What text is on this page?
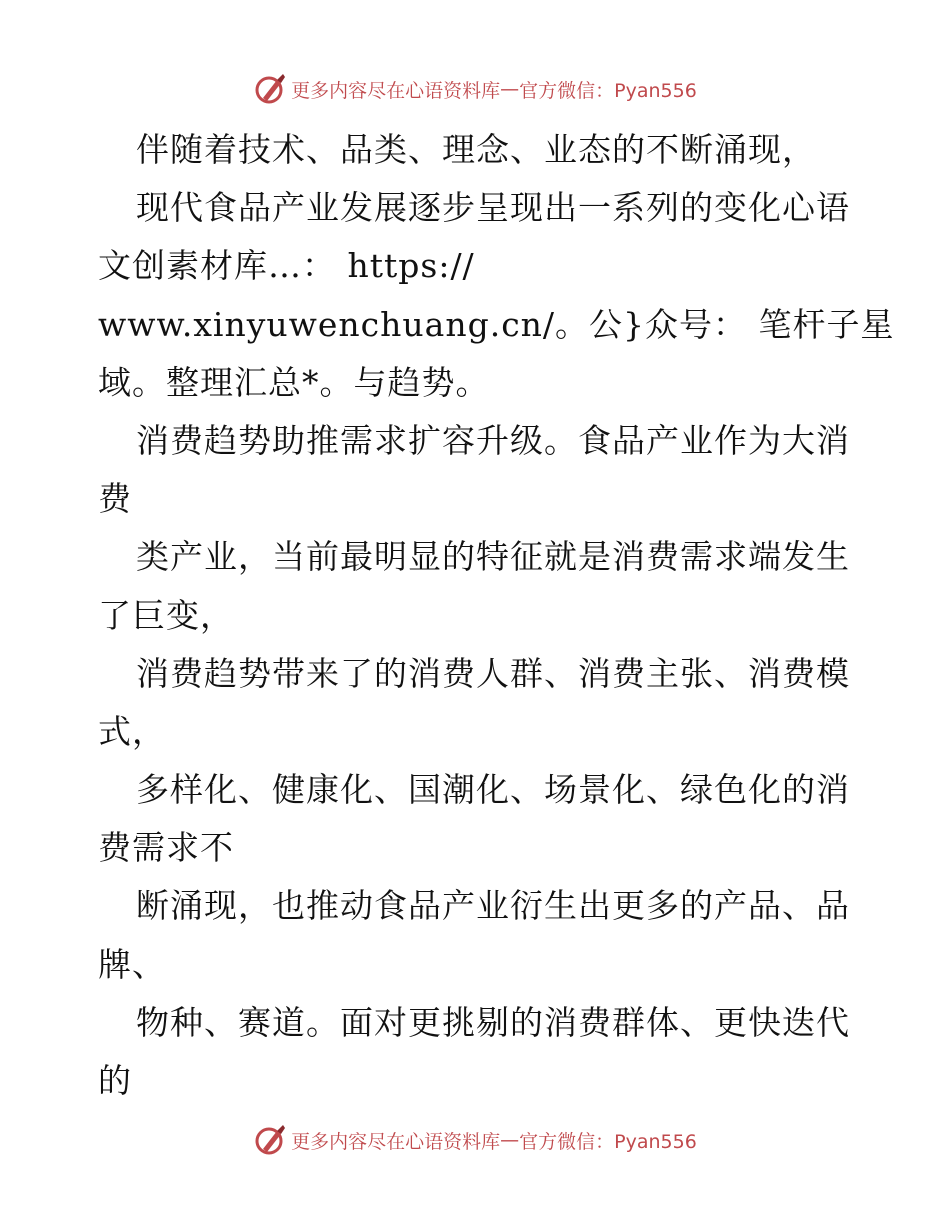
更多内容尽在心语资料库 — 官方微信：Pyan556
伴随着技术、品类、理念、业态的不断涌现，
现代食品产业发展逐步呈现出一系列的变化心语
文创素材库…： https://
www.xinyuwenchuang.cn/。公}众号： 笔杆子星
域。整理汇总*。与趋势。
消费趋势助推需求扩容升级。食品产业作为大消
费
类产业，当前最明显的特征就是消费需求端发生
了巨变，
消费趋势带来了的消费人群、消费主张、消费模
式，
多样化、健康化、国潮化、场景化、绿色化的消
费需求不
断涌现，也推动食品产业衍生出更多的产品、品
牌、
物种、赛道。面对更挑剔的消费群体、更快迭代
的
更多内容尽在心语资料库 — 官方微信：Pyan556
